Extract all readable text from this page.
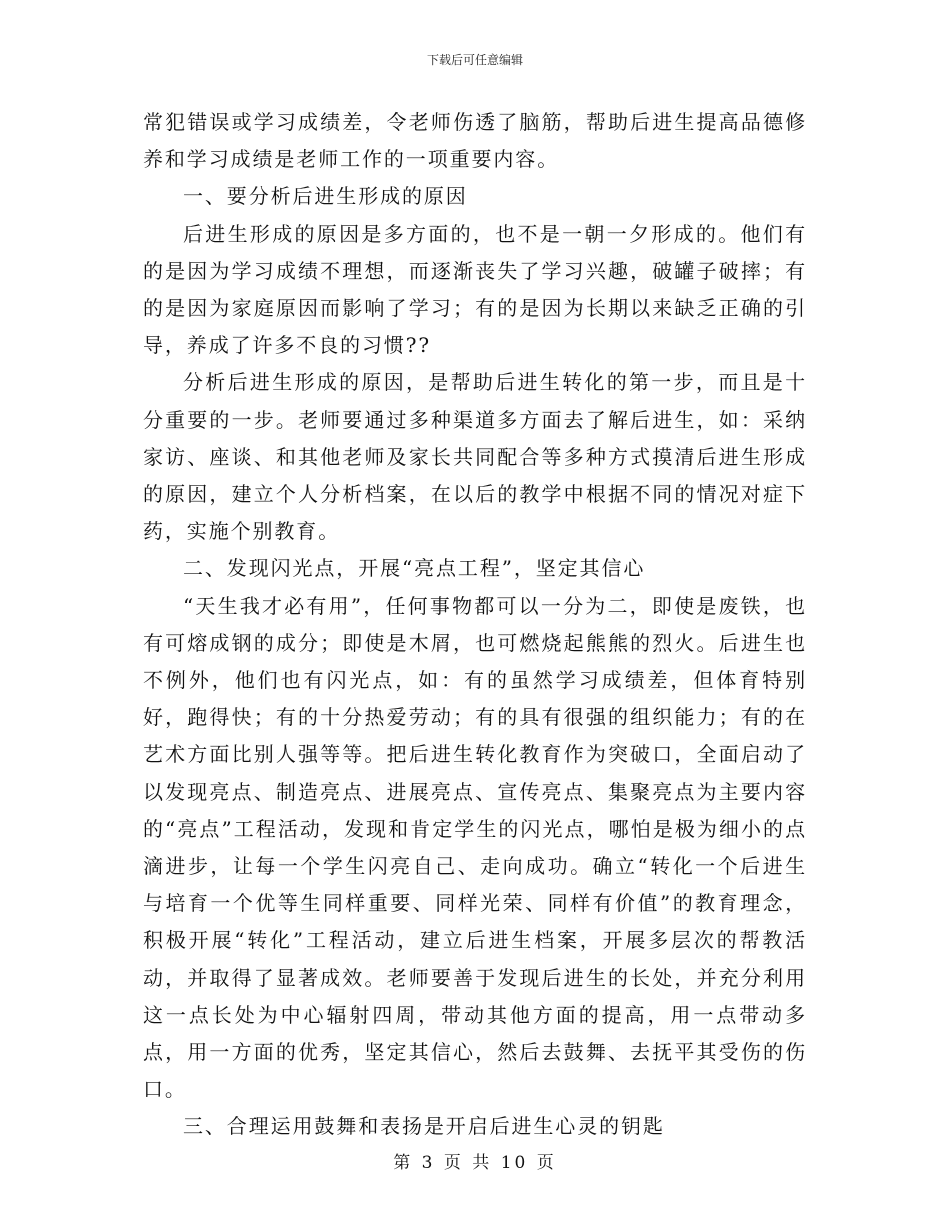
下载后可任意编辑

常犯错误或学习成绩差，令老师伤透了脑筋，帮助后进生提高品德修养和学习成绩是老师工作的一项重要内容。

一、要分析后进生形成的原因

后进生形成的原因是多方面的，也不是一朝一夕形成的。他们有的是因为学习成绩不理想，而逐渐丧失了学习兴趣，破罐子破摔；有的是因为家庭原因而影响了学习；有的是因为长期以来缺乏正确的引导，养成了许多不良的习惯??

分析后进生形成的原因，是帮助后进生转化的第一步，而且是十分重要的一步。老师要通过多种渠道多方面去了解后进生，如：采纳家访、座谈、和其他老师及家长共同配合等多种方式摸清后进生形成的原因，建立个人分析档案，在以后的教学中根据不同的情况对症下药，实施个别教育。

二、发现闪光点，开展“亮点工程”，坚定其信心

“天生我才必有用”，任何事物都可以一分为二，即使是废铁，也有可熔成钢的成分；即使是木屑，也可燃烧起熊熊的烈火。后进生也不例外，他们也有闪光点，如：有的虽然学习成绩差，但体育特别好，跑得快；有的十分热爱劳动；有的具有很强的组织能力；有的在艺术方面比别人强等等。把后进生转化教育作为突破口，全面启动了以发现亮点、制造亮点、进展亮点、宣传亮点、集聚亮点为主要内容的“亮点”工程活动，发现和肯定学生的闪光点，哪怕是极为细小的点滴进步，让每一个学生闪亮自己、走向成功。确立“转化一个后进生与培育一个优等生同样重要、同样光荣、同样有价值”的教育理念，积极开展“转化”工程活动，建立后进生档案，开展多层次的帮教活动，并取得了显著成效。老师要善于发现后进生的长处，并充分利用这一点长处为中心辐射四周，带动其他方面的提高，用一点带动多点，用一方面的优秀，坚定其信心，然后去鼓舞、去抚平其受伤的伤口。

三、合理运用鼓舞和表扬是开启后进生心灵的钥匙

第 3 页 共 10 页
